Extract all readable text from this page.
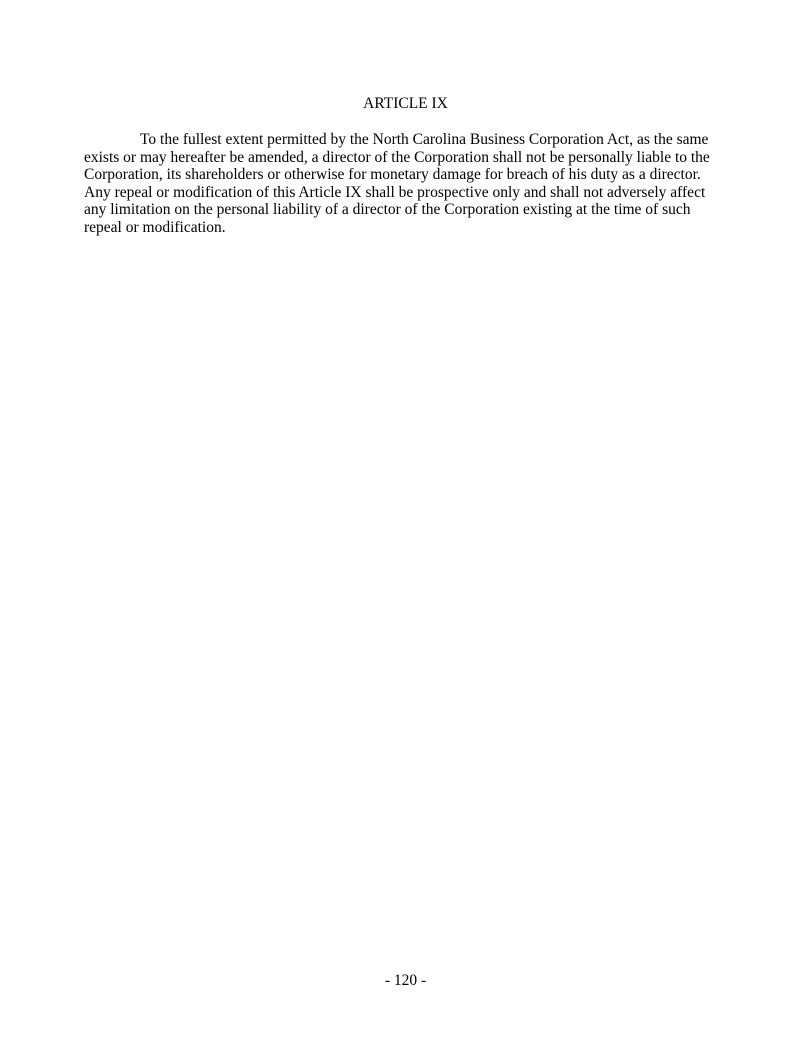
ARTICLE IX

To the fullest extent permitted by the North Carolina Business Corporation Act, as the same exists or may hereafter be amended, a director of the Corporation shall not be personally liable to the Corporation, its shareholders or otherwise for monetary damage for breach of his duty as a director. Any repeal or modification of this Article IX shall be prospective only and shall not adversely affect any limitation on the personal liability of a director of the Corporation existing at the time of such repeal or modification.

- 120 -
